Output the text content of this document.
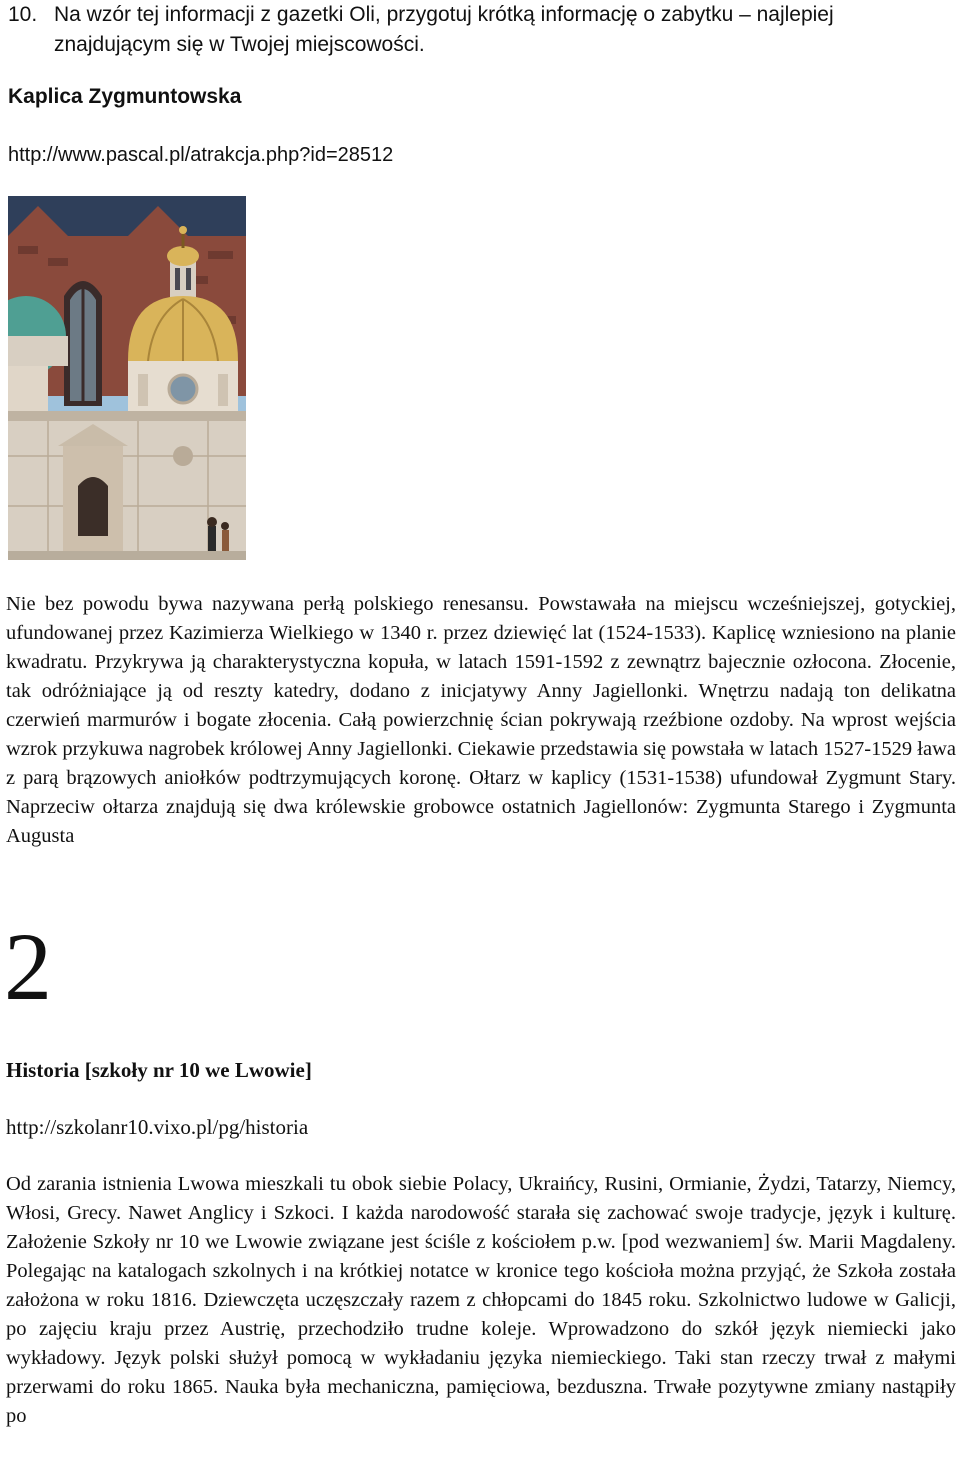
10. Na wzór tej informacji z gazetki Oli, przygotuj krótką informację o zabytku – najlepiej
znajdującym się w Twojej miejscowości.
Kaplica Zygmuntowska
http://www.pascal.pl/atrakcja.php?id=28512
Nie bez powodu bywa nazywana perłą polskiego renesansu. Powstawała na miejscu wcześniejszej, gotyckiej, ufundowanej przez Kazimierza Wielkiego w 1340 r. przez dziewięć lat (1524-1533). Kaplicę wzniesiono na planie kwadratu. Przykrywa ją charakterystyczna kopuła, w latach 1591-1592 z zewnątrz bajecznie ozłocona. Złocenie, tak odróżniające ją od reszty katedry, dodano z inicjatywy Anny Jagiellonki. Wnętrzu nadają ton delikatna czerwień marmurów i bogate złocenia. Całą powierzchnię ścian pokrywają rzeźbione ozdoby. Na wprost wejścia wzrok przykuwa nagrobek królowej Anny Jagiellonki. Ciekawie przedstawia się powstała w latach 1527-1529 ława z parą brązowych aniołków podtrzymujących koronę. Ołtarz w kaplicy (1531-1538) ufundował Zygmunt Stary. Naprzeciw ołtarza znajdują się dwa królewskie grobowce ostatnich Jagiellonów: Zygmunta Starego i Zygmunta Augusta
2
Historia [szkoły nr 10 we Lwowie]
http://szkolanr10.vixo.pl/pg/historia
Od zarania istnienia Lwowa mieszkali tu obok siebie Polacy, Ukraińcy, Rusini, Ormianie, Żydzi, Tatarzy, Niemcy, Włosi, Grecy. Nawet Anglicy i Szkoci. I każda narodowość starała się zachować swoje tradycje, język i kulturę. Założenie Szkoły nr 10 we Lwowie związane jest ściśle z kościołem p.w. [pod wezwaniem] św. Marii Magdaleny. Polegając na katalogach szkolnych i na krótkiej notatce w kronice tego kościoła można przyjąć, że Szkoła została założona w roku 1816. Dziewczęta uczęszczały razem z chłopcami do 1845 roku. Szkolnictwo ludowe w Galicji, po zajęciu kraju przez Austrię, przechodziło trudne koleje. Wprowadzono do szkół język niemiecki jako wykładowy. Język polski służył pomocą w wykładaniu języka niemieckiego. Taki stan rzeczy trwał z małymi przerwami do roku 1865. Nauka była mechaniczna, pamięciowa, bezduszna. Trwałe pozytywne zmiany nastąpiły po
